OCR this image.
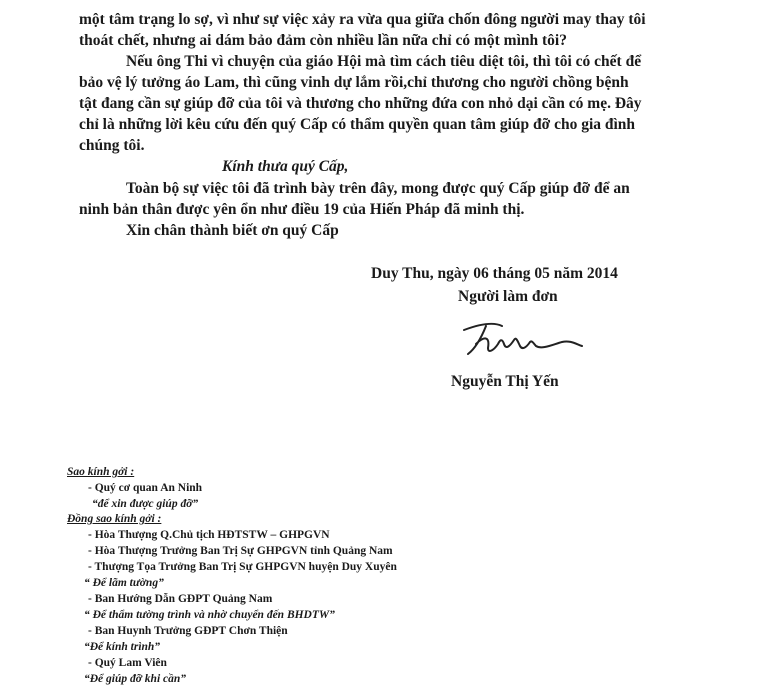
một tâm trạng lo sợ, vì như sự việc xảy ra vừa qua giữa chốn đông người may thay tôi
thoát chết, nhưng ai dám bảo đảm còn nhiều lần nữa chỉ có một mình tôi?
Nếu ông Thi vì chuyện của giáo Hội mà tìm cách tiêu diệt tôi, thì tôi có chết để
bảo vệ lý tưởng áo Lam, thì cũng vinh dự lắm rồi,chỉ thương cho người chồng bệnh
tật đang cần sự giúp đỡ của tôi và thương cho những đứa con nhỏ dại cần có mẹ. Đây
chỉ là những lời kêu cứu đến quý Cấp có thẩm quyền quan tâm giúp đỡ cho gia đình
chúng tôi.
Kính thưa quý Cấp,
Toàn bộ sự việc tôi đã trình bày trên đây, mong được quý Cấp giúp đỡ để an
ninh bản thân được yên ổn như điều 19 của Hiến Pháp đã minh thị.
Xin chân thành biết ơn quý Cấp
Duy Thu, ngày 06 tháng 05 năm 2014
Người làm đơn
Nguyễn Thị Yến
Sao kính gởi :
- Quý cơ quan An Ninh
“để xin được giúp đỡ”
Đồng sao kính gởi :
- Hòa Thượng Q.Chủ tịch HĐTSTW – GHPGVN
- Hòa Thượng Trưởng Ban Trị Sự GHPGVN tỉnh Quảng Nam
- Thượng Tọa Trưởng Ban Trị Sự GHPGVN huyện Duy Xuyên
“ Để lãm tường”
- Ban Hướng Dẫn GĐPT Quảng Nam
“ Để thẩm tường trình và nhờ chuyển đến BHDTW”
- Ban Huynh Trưởng GĐPT Chơn Thiện
“Để kính trình”
- Quý Lam Viên
“Để giúp đỡ khi cần”
